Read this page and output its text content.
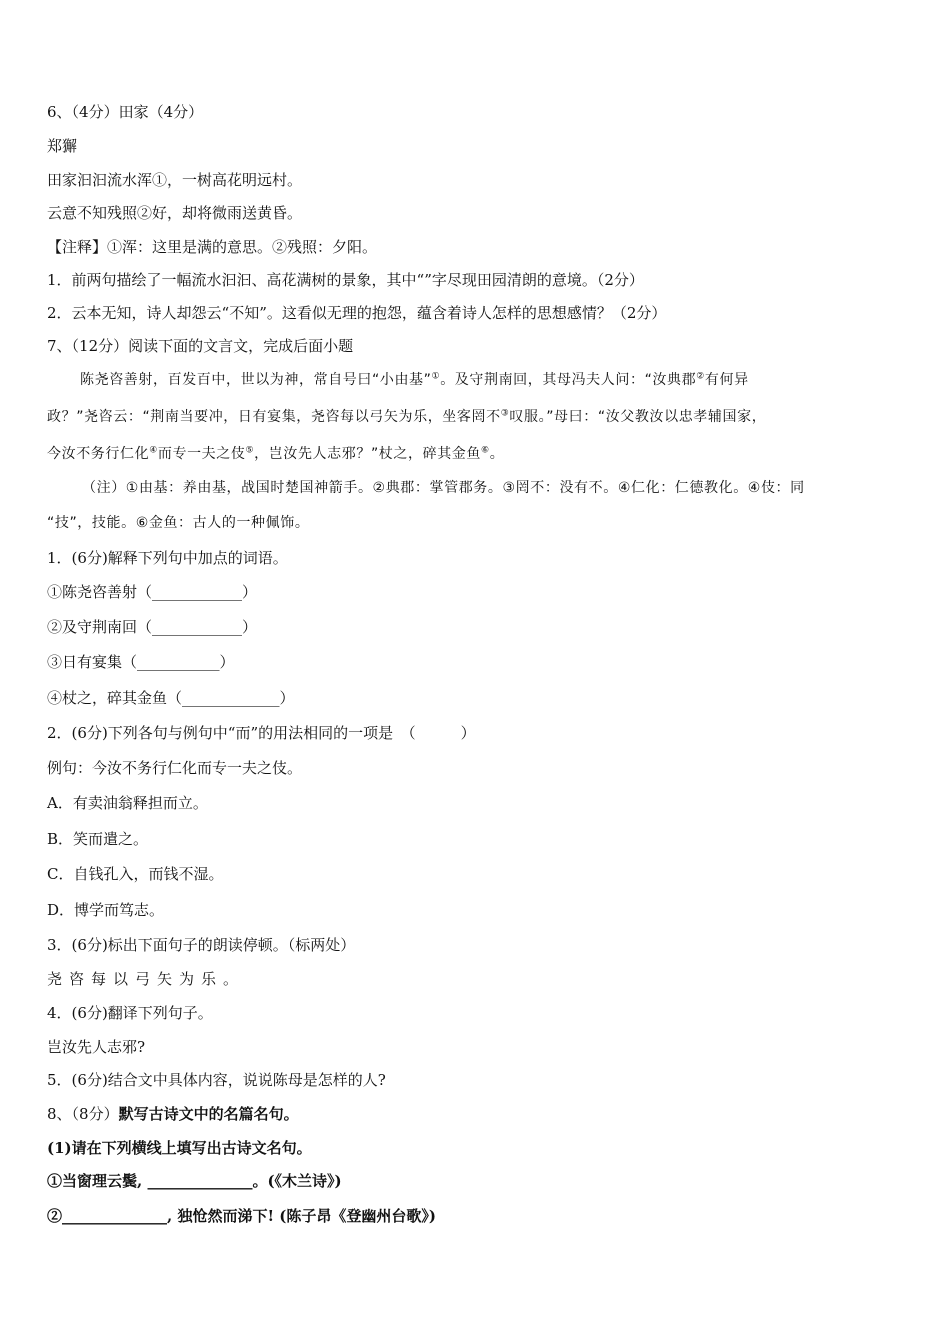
6、（4分）田家（4分）
郑獬
田家汩汩流水浑①，一树高花明远村。
云意不知残照②好，却将微雨送黄昏。
【注释】①浑：这里是满的意思。②残照：夕阳。
1．前两句描绘了一幅流水汩汩、高花满树的景象，其中“”字尽现田园清朗的意境。（2分）
2．云本无知，诗人却怨云“不知”。这看似无理的抱怨，蕴含着诗人怎样的思想感情？（2分）
7、（12分）阅读下面的文言文，完成后面小题
陈尧咨善射，百发百中，世以为神，常自号曰“小由基”①。及守荆南回，其母冯夫人问：“汝典郡②有何异
政？”尧咨云：“荆南当要冲，日有宴集，尧咨每以弓矢为乐，坐客罔不③叹服。”母曰：“汝父教汝以忠孝辅国家，
今汝不务行仁化④而专一夫之伎⑤，岂汝先人志邪？”杖之，碎其金鱼⑥。
（注）①由基：养由基，战国时楚国神箭手。②典郡：掌管郡务。③罔不：没有不。④仁化：仁德教化。④伎：同
“技”，技能。⑥金鱼：古人的一种佩饰。
1．(6分)解释下列句中加点的词语。
①陈尧咨善射（____________）
②及守荆南回（____________）
③日有宴集（___________）
④杖之，碎其金鱼（_____________）
2．(6分)下列各句与例句中“而”的用法相同的一项是　（　　　）
例句：今汝不务行仁化而专一夫之伎。
A．有卖油翁释担而立。
B．笑而遣之。
C．自钱孔入，而钱不湿。
D．博学而笃志。
3．(6分)标出下面句子的朗读停顿。（标两处）
尧咨每以弓矢为乐。
4．(6分)翻译下列句子。
岂汝先人志邪?
5．(6分)结合文中具体内容，说说陈母是怎样的人?
8、（8分）默写古诗文中的名篇名句。
(1)请在下列横线上填写出古诗文名句。
①当窗理云鬓, ______________。(《木兰诗》)
②______________, 独怆然而涕下! (陈子昂《登幽州台歌》)
